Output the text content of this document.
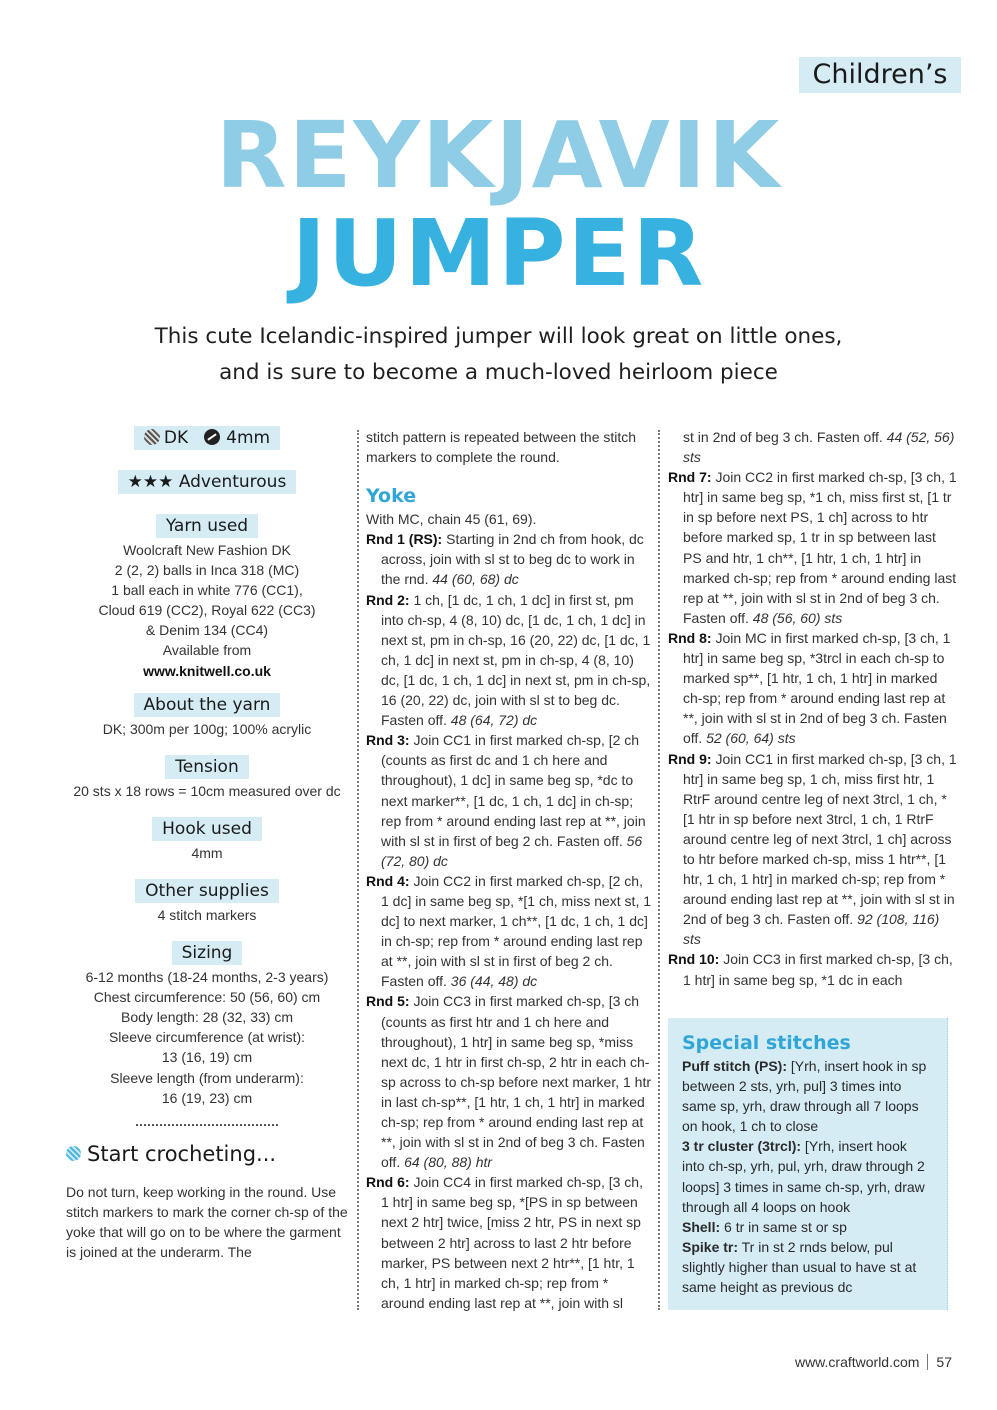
Children’s
REYKJAVIK
JUMPER
This cute Icelandic-inspired jumper will look great on little ones,
and is sure to become a much-loved heirloom piece
DK 4mm
★★★ Adventurous
Yarn used
Woolcraft New Fashion DK
2 (2, 2) balls in Inca 318 (MC)
1 ball each in white 776 (CC1),
Cloud 619 (CC2), Royal 622 (CC3)
& Denim 134 (CC4)
Available from
www.knitwell.co.uk
About the yarn
DK; 300m per 100g; 100% acrylic
Tension
20 sts x 18 rows = 10cm measured over dc
Hook used
4mm
Other supplies
4 stitch markers
Sizing
6-12 months (18-24 months, 2-3 years)
Chest circumference: 50 (56, 60) cm
Body length: 28 (32, 33) cm
Sleeve circumference (at wrist):
13 (16, 19) cm
Sleeve length (from underarm):
16 (19, 23) cm
Start crocheting...
Do not turn, keep working in the round. Use stitch markers to mark the corner ch-sp of the yoke that will go on to be where the garment is joined at the underarm. The
stitch pattern is repeated between the stitch markers to complete the round.
Yoke
With MC, chain 45 (61, 69).
Rnd 1 (RS): Starting in 2nd ch from hook, dc across, join with sl st to beg dc to work in the rnd. 44 (60, 68) dc
Rnd 2: 1 ch, [1 dc, 1 ch, 1 dc] in first st, pm into ch-sp, 4 (8, 10) dc, [1 dc, 1 ch, 1 dc] in next st, pm in ch-sp, 16 (20, 22) dc, [1 dc, 1 ch, 1 dc] in next st, pm in ch-sp, 4 (8, 10) dc, [1 dc, 1 ch, 1 dc] in next st, pm in ch-sp, 16 (20, 22) dc, join with sl st to beg dc. Fasten off. 48 (64, 72) dc
Rnd 3: Join CC1 in first marked ch-sp, [2 ch (counts as first dc and 1 ch here and throughout), 1 dc] in same beg sp, *dc to next marker**, [1 dc, 1 ch, 1 dc] in ch-sp; rep from * around ending last rep at **, join with sl st in first of beg 2 ch. Fasten off. 56 (72, 80) dc
Rnd 4: Join CC2 in first marked ch-sp, [2 ch, 1 dc] in same beg sp, *[1 ch, miss next st, 1 dc] to next marker, 1 ch**, [1 dc, 1 ch, 1 dc] in ch-sp; rep from * around ending last rep at **, join with sl st in first of beg 2 ch. Fasten off. 36 (44, 48) dc
Rnd 5: Join CC3 in first marked ch-sp, [3 ch (counts as first htr and 1 ch here and throughout), 1 htr] in same beg sp, *miss next dc, 1 htr in first ch-sp, 2 htr in each ch-sp across to ch-sp before next marker, 1 htr in last ch-sp**, [1 htr, 1 ch, 1 htr] in marked ch-sp; rep from * around ending last rep at **, join with sl st in 2nd of beg 3 ch. Fasten off. 64 (80, 88) htr
Rnd 6: Join CC4 in first marked ch-sp, [3 ch, 1 htr] in same beg sp, *[PS in sp between next 2 htr] twice, [miss 2 htr, PS in next sp between 2 htr] across to last 2 htr before marker, PS between next 2 htr**, [1 htr, 1 ch, 1 htr] in marked ch-sp; rep from * around ending last rep at **, join with sl
st in 2nd of beg 3 ch. Fasten off. 44 (52, 56) sts
Rnd 7: Join CC2 in first marked ch-sp, [3 ch, 1 htr] in same beg sp, *1 ch, miss first st, [1 tr in sp before next PS, 1 ch] across to htr before marked sp, 1 tr in sp between last PS and htr, 1 ch**, [1 htr, 1 ch, 1 htr] in marked ch-sp; rep from * around ending last rep at **, join with sl st in 2nd of beg 3 ch. Fasten off. 48 (56, 60) sts
Rnd 8: Join MC in first marked ch-sp, [3 ch, 1 htr] in same beg sp, *3trcl in each ch-sp to marked sp**, [1 htr, 1 ch, 1 htr] in marked ch-sp; rep from * around ending last rep at **, join with sl st in 2nd of beg 3 ch. Fasten off. 52 (60, 64) sts
Rnd 9: Join CC1 in first marked ch-sp, [3 ch, 1 htr] in same beg sp, 1 ch, miss first htr, 1 RtrF around centre leg of next 3trcl, 1 ch, *[1 htr in sp before next 3trcl, 1 ch, 1 RtrF around centre leg of next 3trcl, 1 ch] across to htr before marked ch-sp, miss 1 htr**, [1 htr, 1 ch, 1 htr] in marked ch-sp; rep from * around ending last rep at **, join with sl st in 2nd of beg 3 ch. Fasten off. 92 (108, 116) sts
Rnd 10: Join CC3 in first marked ch-sp, [3 ch, 1 htr] in same beg sp, *1 dc in each
Special stitches
Puff stitch (PS): [Yrh, insert hook in sp between 2 sts, yrh, pul] 3 times into same sp, yrh, draw through all 7 loops on hook, 1 ch to close
3 tr cluster (3trcl): [Yrh, insert hook into ch-sp, yrh, pul, yrh, draw through 2 loops] 3 times in same ch-sp, yrh, draw through all 4 loops on hook
Shell: 6 tr in same st or sp
Spike tr: Tr in st 2 rnds below, pul slightly higher than usual to have st at same height as previous dc
www.craftworld.com 57
